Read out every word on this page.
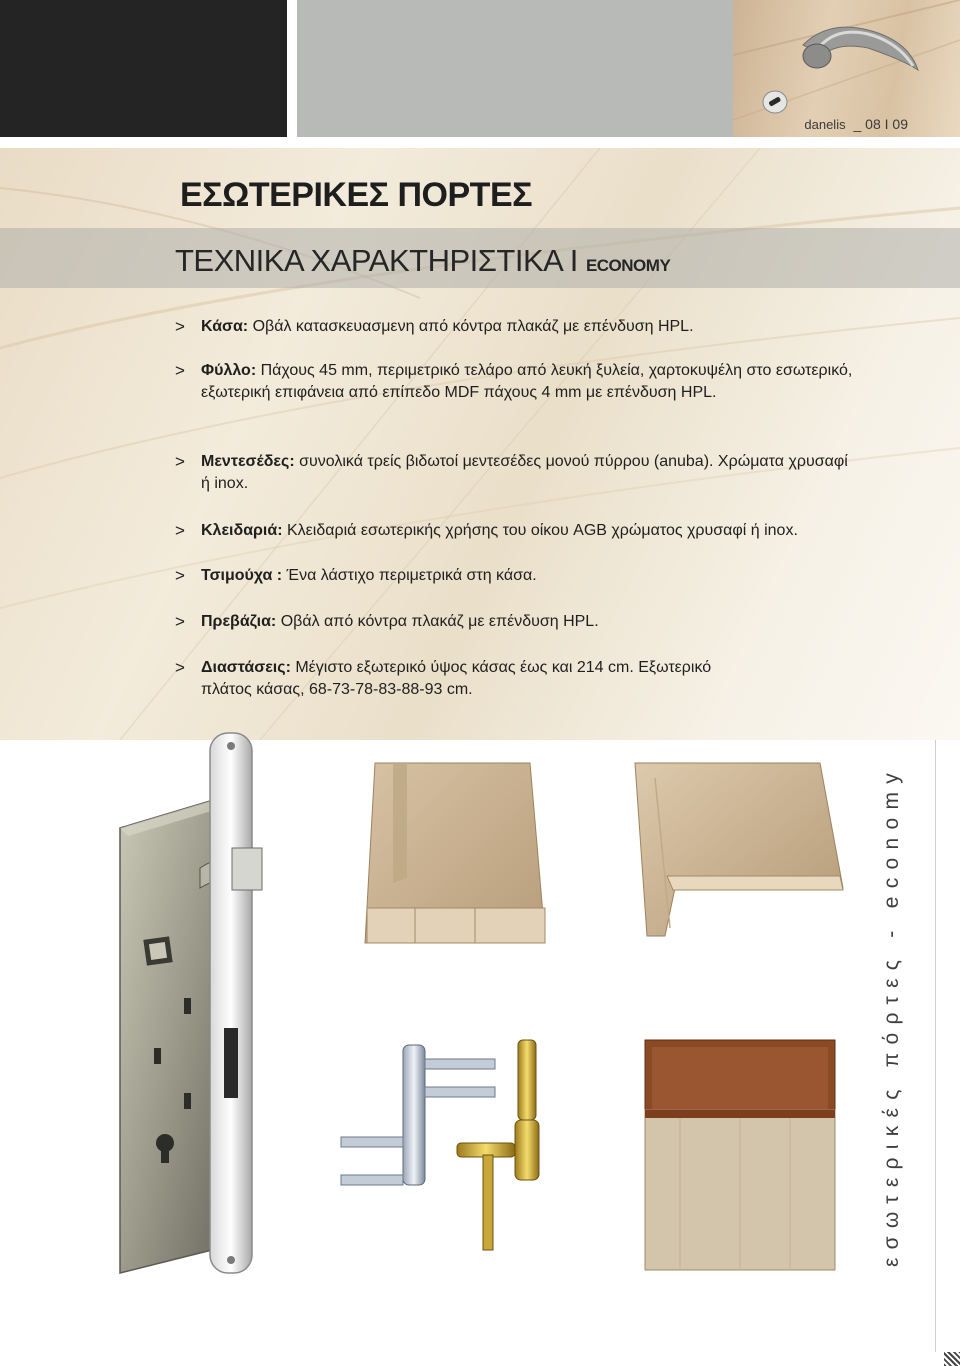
danelis _ 08 I 09
ΕΣΩΤΕΡΙΚΕΣ ΠΟΡΤΕΣ
ΤΕΧΝΙΚΑ ΧΑΡΑΚΤΗΡΙΣΤΙΚΑ I ECONOMY
> Κάσα: Οβάλ κατασκευασμενη από κόντρα πλακάζ με επένδυση HPL.
> Φύλλο: Πάχους 45 mm, περιμετρικό τελάρο από λευκή ξυλεία, χαρτοκυψέλη στο εσωτερικό, εξωτερική επιφάνεια από επίπεδο MDF πάχους 4 mm με επένδυση HPL.
> Μεντεσέδες: συνολικά τρείς βιδωτοί μεντεσέδες μονού πύρρου (anuba). Χρώματα χρυσαφί ή inox.
> Κλειδαριά: Κλειδαριά εσωτερικής χρήσης του οίκου AGB χρώματος χρυσαφί ή inox.
> Τσιμούχα : Ένα λάστιχο περιμετρικά στη κάσα.
> Πρεβάζια: Οβάλ από κόντρα πλακάζ με επένδυση HPL.
> Διαστάσεις: Μέγιστο εξωτερικό ύψος κάσας έως και 214 cm. Εξωτερικό πλάτος κάσας, 68-73-78-83-88-93 cm.
εσωτερικές πόρτες - economy
